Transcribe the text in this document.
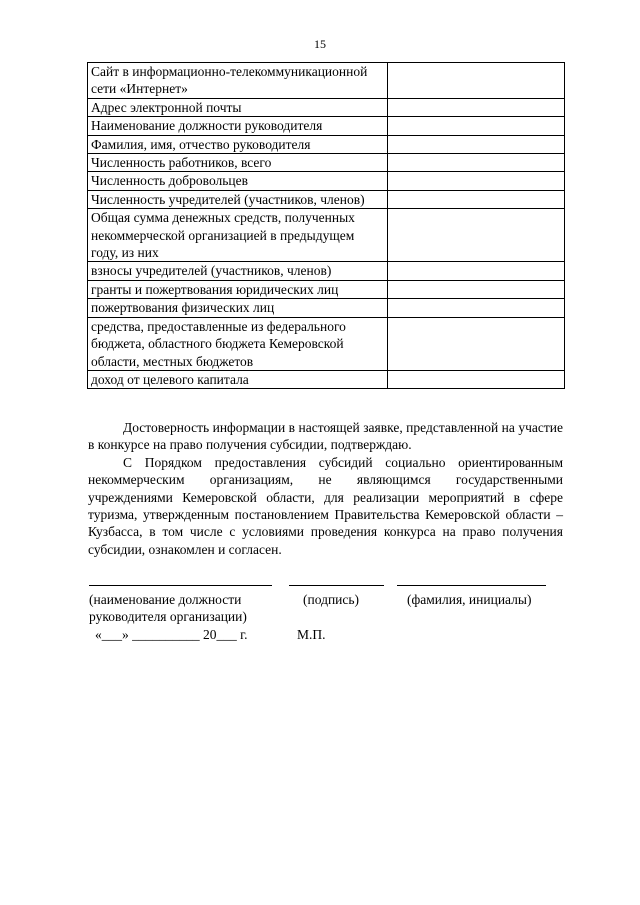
15
Сайт в информационно-телекоммуникационной сети «Интернет»	
Адрес электронной почты	
Наименование должности руководителя	
Фамилия, имя, отчество руководителя	
Численность работников, всего	
Численность добровольцев	
Численность учредителей (участников, членов)	
Общая сумма денежных средств, полученных некоммерческой организацией в предыдущем году, из них	
взносы учредителей (участников, членов)	
гранты и пожертвования юридических лиц	
пожертвования физических лиц	
средства, предоставленные из федерального бюджета, областного бюджета Кемеровской области, местных бюджетов	
доход от целевого капитала	

Достоверность информации в настоящей заявке, представленной на участие в конкурсе на право получения субсидии, подтверждаю.

С Порядком предоставления субсидий социально ориентированным некоммерческим организациям, не являющимся государственными учреждениями Кемеровской области, для реализации мероприятий в сфере туризма, утвержденным постановлением Правительства Кемеровской области – Кузбасса, в том числе с условиями проведения конкурса на право получения субсидии, ознакомлен и согласен.

(наименование должности
руководителя организации)
(подпись)	(фамилия, инициалы)
«___» __________ 20___ г.	М.П.
